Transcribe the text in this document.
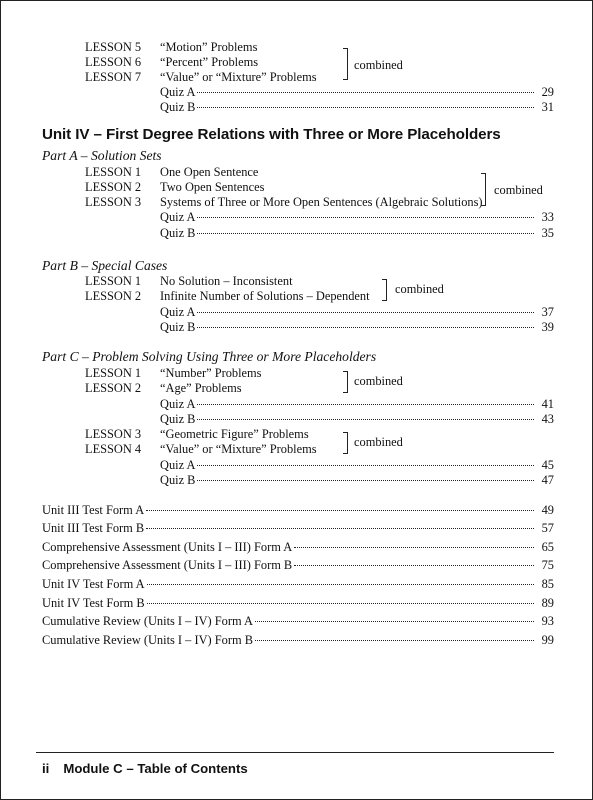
LESSON 5 “Motion” Problems
LESSON 6 “Percent” Problems
LESSON 7 “Value” or “Mixture” Problems
combined
Quiz A	29
Quiz B	31
Unit IV – First Degree Relations with Three or More Placeholders
Part A – Solution Sets
LESSON 1 One Open Sentence
LESSON 2 Two Open Sentences
LESSON 3 Systems of Three or More Open Sentences (Algebraic Solutions)
combined
Quiz A	33
Quiz B	35
Part B – Special Cases
LESSON 1 No Solution – Inconsistent
LESSON 2 Infinite Number of Solutions – Dependent combined
Quiz A	37
Quiz B	39
Part C – Problem Solving Using Three or More Placeholders
LESSON 1 “Number” Problems
LESSON 2 “Age” Problems	combined
Quiz A	41
Quiz B	43
LESSON 3 “Geometric Figure” Problems
LESSON 4 “Value” or “Mixture” Problems	combined
Quiz A	45
Quiz B	47
Unit III Test Form A	49
Unit III Test Form B	57
Comprehensive Assessment (Units I – III) Form A	65
Comprehensive Assessment (Units I – III) Form B	75
Unit IV Test Form A	85
Unit IV Test Form B	89
Cumulative Review (Units I – IV) Form A	93
Cumulative Review (Units I – IV) Form B	99
ii Module C – Table of Contents
